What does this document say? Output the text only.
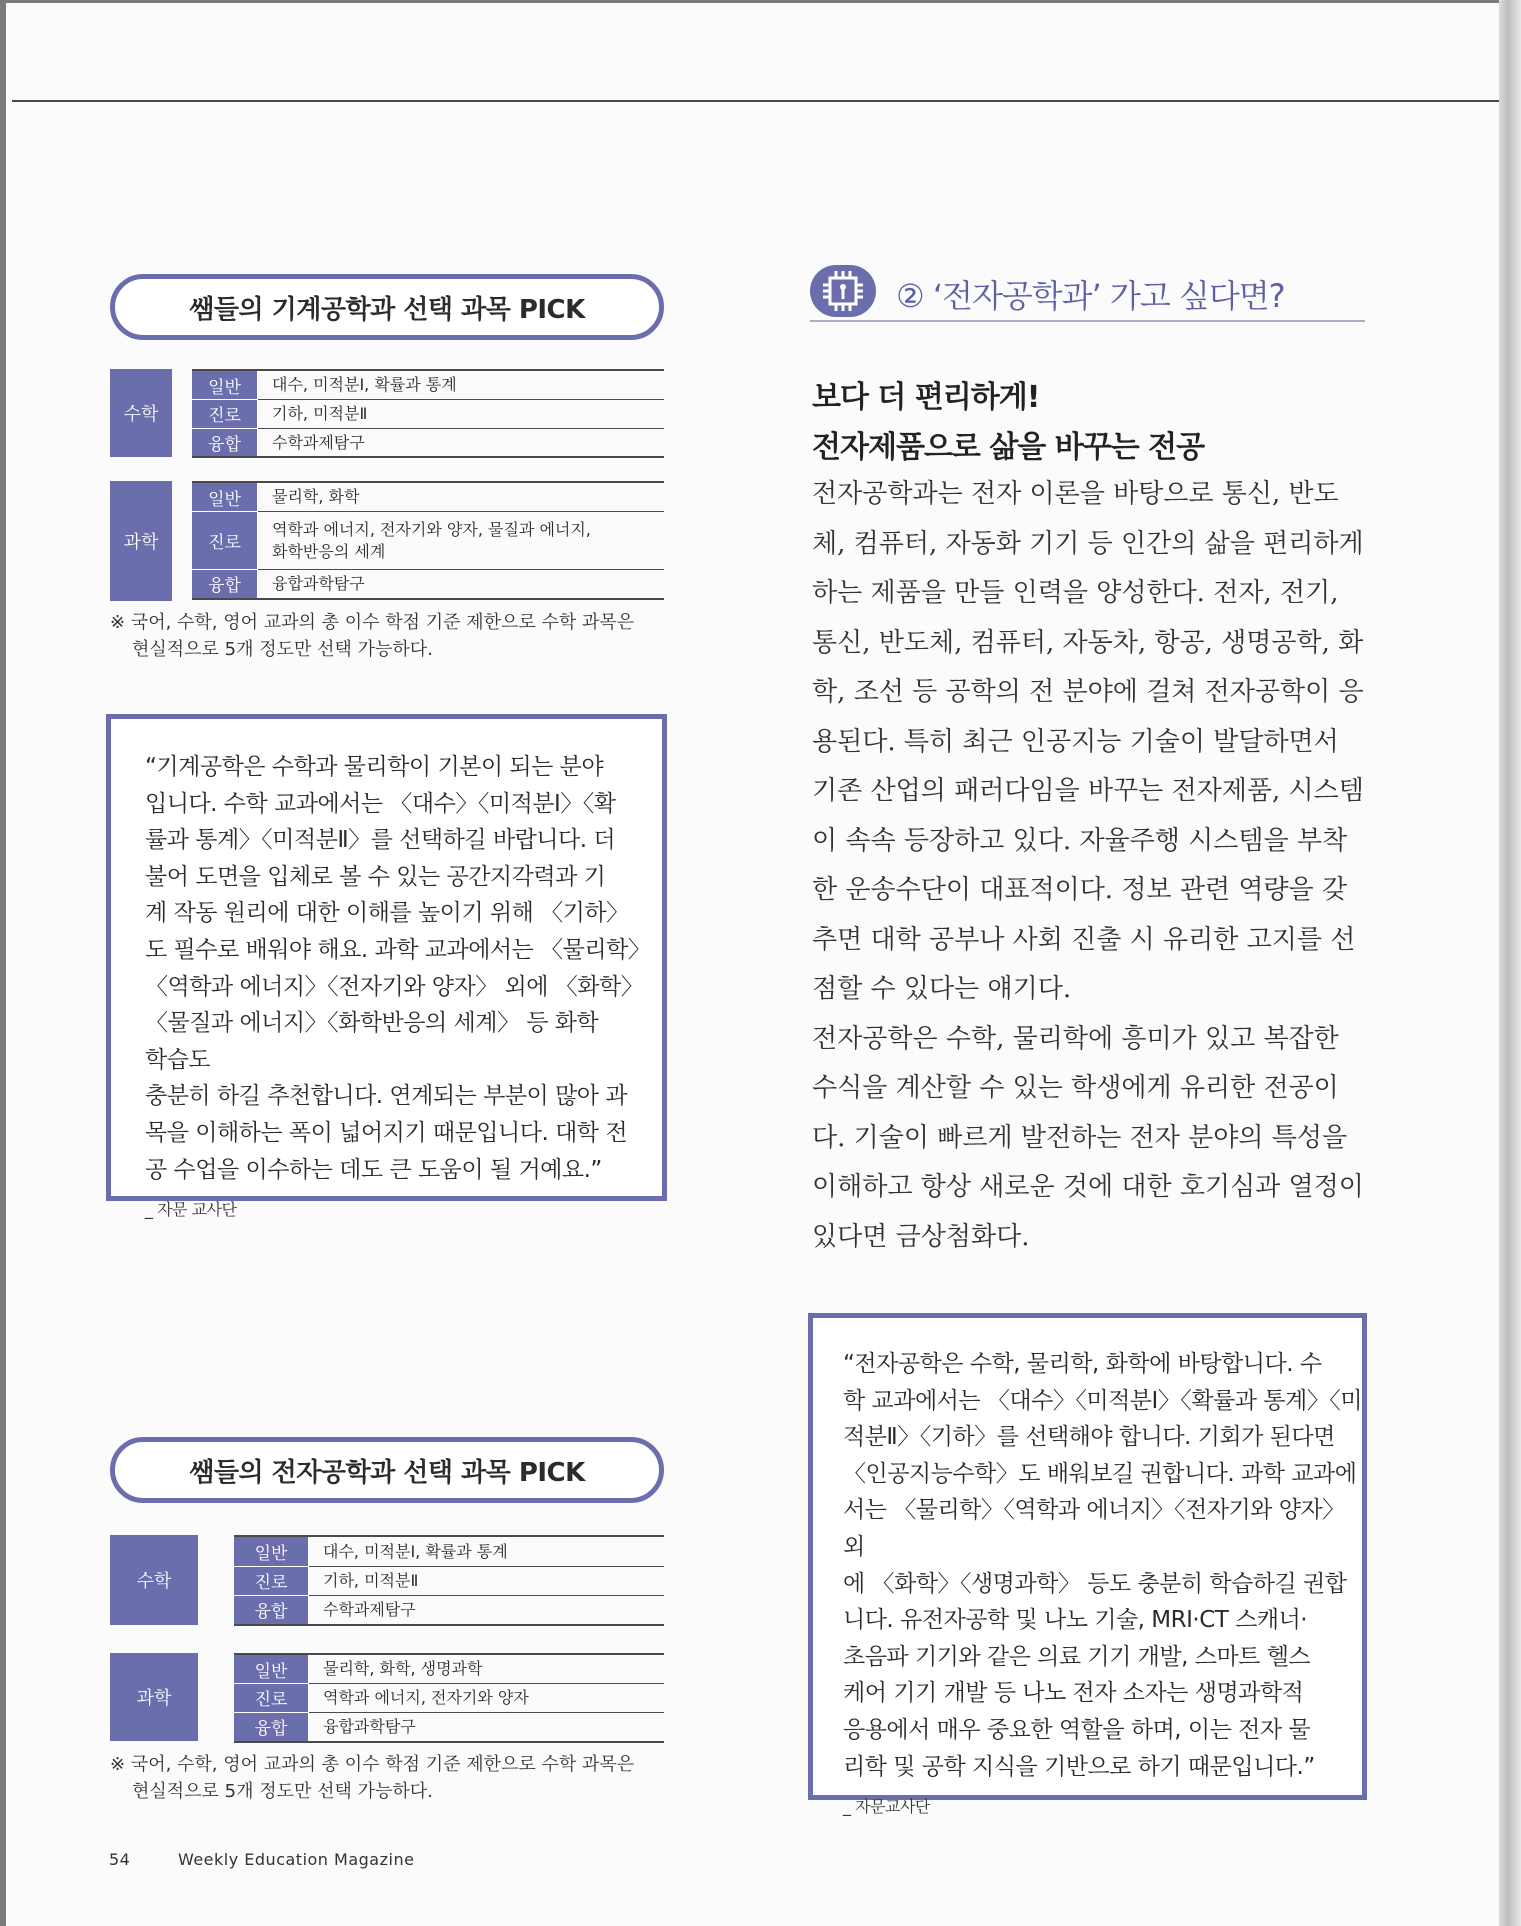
쌤들의 기계공학과 선택 과목 PICK
수학
일반	대수, 미적분Ⅰ, 확률과 통계
진로	기하, 미적분Ⅱ
융합	수학과제탐구
과학
일반	물리학, 화학
진로
역학과 에너지, 전자기와 양자, 물질과 에너지,
화학반응의 세계
융합	융합과학탐구
※ 국어, 수학, 영어 교과의 총 이수 학점 기준 제한으로 수학 과목은
현실적으로 5개 정도만 선택 가능하다.

“기계공학은 수학과 물리학이 기본이 되는 분야

입니다. 수학 교과에서는 〈대수〉〈미적분Ⅰ〉〈확

률과 통계〉〈미적분Ⅱ〉를 선택하길 바랍니다. 더

불어 도면을 입체로 볼 수 있는 공간지각력과 기

계 작동 원리에 대한 이해를 높이기 위해 〈기하〉

도 필수로 배워야 해요. 과학 교과에서는 〈물리학〉

〈역학과 에너지〉〈전자기와 양자〉 외에 〈화학〉

〈물질과 에너지〉〈화학반응의 세계〉 등 화학 학습도

충분히 하길 추천합니다. 연계되는 부분이 많아 과

목을 이해하는 폭이 넓어지기 때문입니다. 대학 전

공 수업을 이수하는 데도 큰 도움이 될 거예요.”

_ 자문 교사단

쌤들의 전자공학과 선택 과목 PICK
수학
일반	대수, 미적분Ⅰ, 확률과 통계
진로	기하, 미적분Ⅱ
융합	수학과제탐구
과학
일반	물리학, 화학, 생명과학
진로	역학과 에너지, 전자기와 양자
융합	융합과학탐구
※ 국어, 수학, 영어 교과의 총 이수 학점 기준 제한으로 수학 과목은
현실적으로 5개 정도만 선택 가능하다.
② ‘전자공학과’ 가고 싶다면?
보다 더 편리하게!
전자제품으로 삶을 바꾸는 전공
전자공학과는 전자 이론을 바탕으로 통신, 반도
체, 컴퓨터, 자동화 기기 등 인간의 삶을 편리하게
하는 제품을 만들 인력을 양성한다. 전자, 전기,
통신, 반도체, 컴퓨터, 자동차, 항공, 생명공학, 화
학, 조선 등 공학의 전 분야에 걸쳐 전자공학이 응
용된다. 특히 최근 인공지능 기술이 발달하면서
기존 산업의 패러다임을 바꾸는 전자제품, 시스템
이 속속 등장하고 있다. 자율주행 시스템을 부착
한 운송수단이 대표적이다. 정보 관련 역량을 갖
추면 대학 공부나 사회 진출 시 유리한 고지를 선
점할 수 있다는 얘기다.
전자공학은 수학, 물리학에 흥미가 있고 복잡한
수식을 계산할 수 있는 학생에게 유리한 전공이
다. 기술이 빠르게 발전하는 전자 분야의 특성을
이해하고 항상 새로운 것에 대한 호기심과 열정이
있다면 금상첨화다.

“전자공학은 수학, 물리학, 화학에 바탕합니다. 수

학 교과에서는 〈대수〉〈미적분Ⅰ〉〈확률과 통계〉〈미

적분Ⅱ〉〈기하〉를 선택해야 합니다. 기회가 된다면

〈인공지능수학〉도 배워보길 권합니다. 과학 교과에

서는 〈물리학〉〈역학과 에너지〉〈전자기와 양자〉 외

에 〈화학〉〈생명과학〉 등도 충분히 학습하길 권합

니다. 유전자공학 및 나노 기술, MRI·CT 스캐너·

초음파 기기와 같은 의료 기기 개발, 스마트 헬스

케어 기기 개발 등 나노 전자 소자는 생명과학적

응용에서 매우 중요한 역할을 하며, 이는 전자 물

리학 및 공학 지식을 기반으로 하기 때문입니다.”

_ 자문교사단

54	Weekly Education Magazine
